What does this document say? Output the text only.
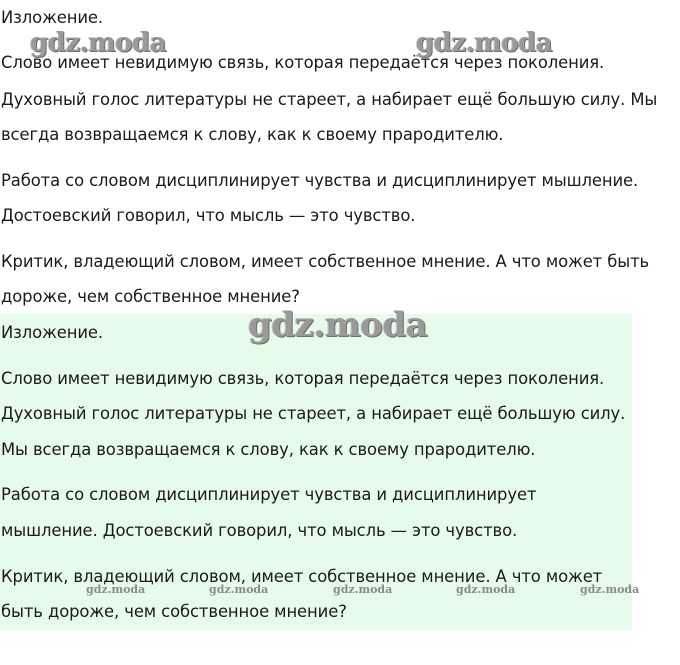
Изложение.
Слово имеет невидимую связь, которая передаётся через поколения.
Духовный голос литературы не стареет, а набирает ещё большую силу. Мы
всегда возвращаемся к слову, как к своему прародителю.
Работа со словом дисциплинирует чувства и дисциплинирует мышление.
Достоевский говорил, что мысль — это чувство.
Критик, владеющий словом, имеет собственное мнение. А что может быть
дороже, чем собственное мнение?
Изложение.
Слово имеет невидимую связь, которая передаётся через поколения.
Духовный голос литературы не стареет, а набирает ещё большую силу.
Мы всегда возвращаемся к слову, как к своему прародителю.
Работа со словом дисциплинирует чувства и дисциплинирует
мышление. Достоевский говорил, что мысль — это чувство.
Критик, владеющий словом, имеет собственное мнение. А что может
быть дороже, чем собственное мнение?
gdz.moda	gdz.moda
gdz.moda
gdz.moda	gdz.moda	gdz.moda	gdz.moda	gdz.moda
